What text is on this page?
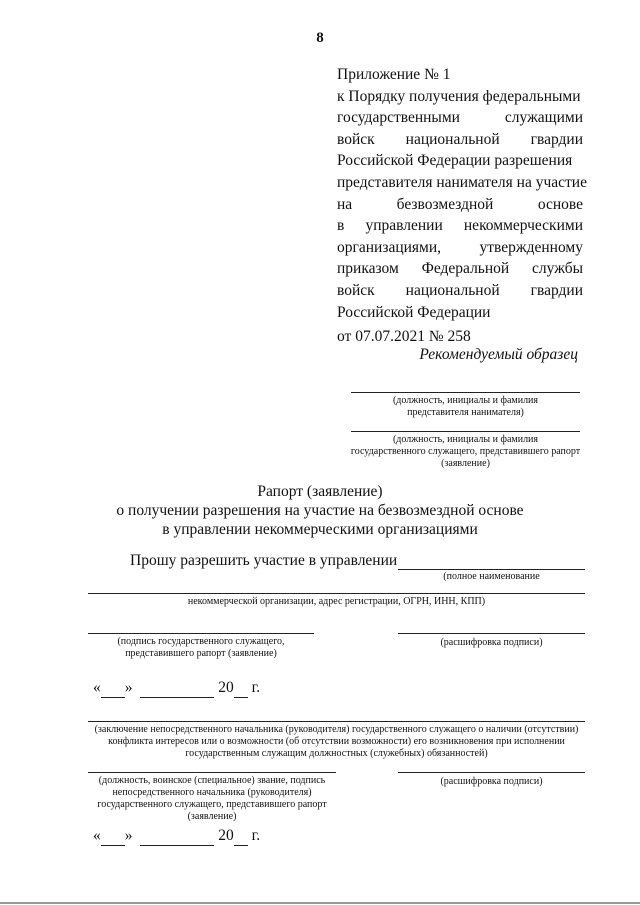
8
Приложение № 1
к Порядку получения федеральными
государственными служащими
войск национальной гвардии
Российской Федерации разрешения
представителя нанимателя на участие
на безвозмездной основе
в управлении некоммерческими
организациями, утвержденному
приказом Федеральной службы
войск национальной гвардии
Российской Федерации
от 07.07.2021 № 258
Рекомендуемый образец
(должность, инициалы и фамилия
представителя нанимателя)
(должность, инициалы и фамилия
государственного служащего, представившего рапорт
(заявление)
Рапорт (заявление)
о получении разрешения на участие на безвозмездной основе
в управлении некоммерческими организациями
Прошу разрешить участие в управлении
(полное наименование
некоммерческой организации, адрес регистрации, ОГРН, ИНН, КПП)
(подпись государственного служащего,
представившего рапорт (заявление)
(расшифровка подписи)
« »	20 г.
(заключение непосредственного начальника (руководителя) государственного служащего о наличии (отсутствии)
конфликта интересов или о возможности (об отсутствии возможности) его возникновения при исполнении
государственным служащим должностных (служебных) обязанностей)
(должность, воинское (специальное) звание, подпись
непосредственного начальника (руководителя)
государственного служащего, представившего рапорт
(заявление)
(расшифровка подписи)
« »	20 г.
